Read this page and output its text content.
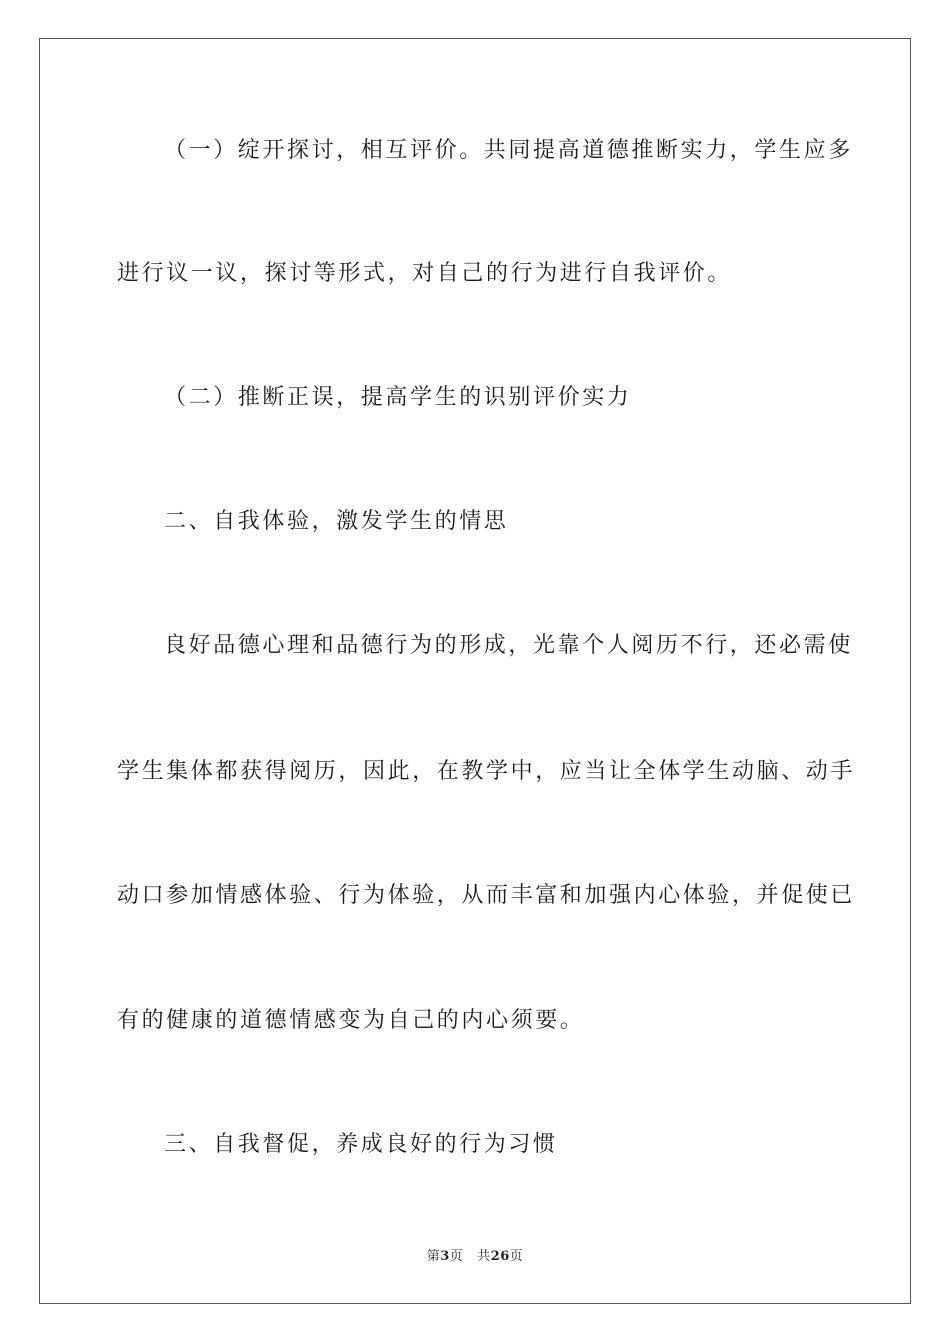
（一）绽开探讨，相互评价。共同提高道德推断实力，学生应多
进行议一议，探讨等形式，对自己的行为进行自我评价。
（二）推断正误，提高学生的识别评价实力
二、自我体验，激发学生的情思
良好品德心理和品德行为的形成，光靠个人阅历不行，还必需使
学生集体都获得阅历，因此，在教学中，应当让全体学生动脑、动手
动口参加情感体验、行为体验，从而丰富和加强内心体验，并促使已
有的健康的道德情感变为自己的内心须要。
三、自我督促，养成良好的行为习惯
第3页 共26页
